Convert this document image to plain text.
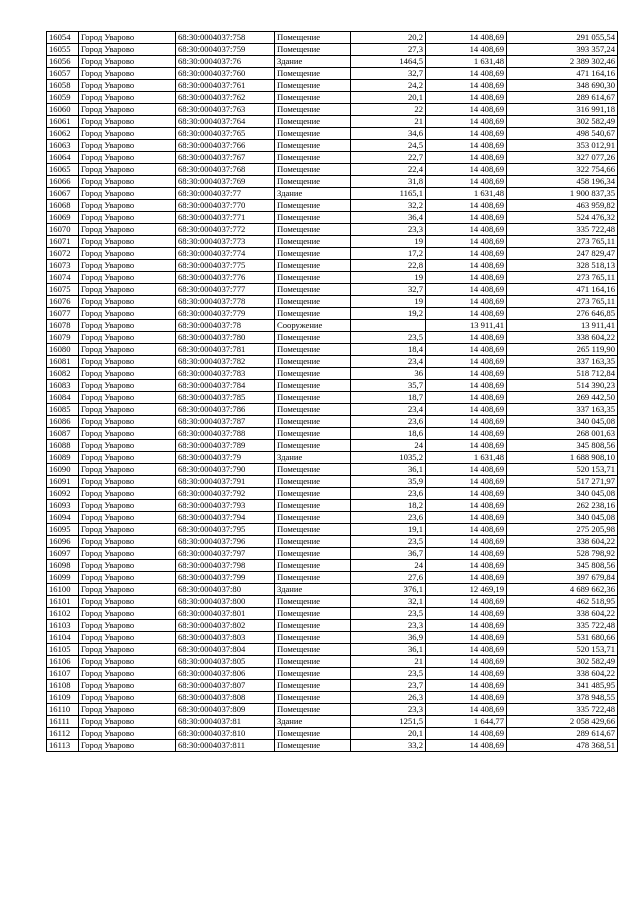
16054	Город Уварово	68:30:0004037:758	Помещение	20,2	14 408,69	291 055,54
16055	Город Уварово	68:30:0004037:759	Помещение	27,3	14 408,69	393 357,24
16056	Город Уварово	68:30:0004037:76	Здание	1464,5	1 631,48	2 389 302,46
16057	Город Уварово	68:30:0004037:760	Помещение	32,7	14 408,69	471 164,16
16058	Город Уварово	68:30:0004037:761	Помещение	24,2	14 408,69	348 690,30
16059	Город Уварово	68:30:0004037:762	Помещение	20,1	14 408,69	289 614,67
16060	Город Уварово	68:30:0004037:763	Помещение	22	14 408,69	316 991,18
16061	Город Уварово	68:30:0004037:764	Помещение	21	14 408,69	302 582,49
16062	Город Уварово	68:30:0004037:765	Помещение	34,6	14 408,69	498 540,67
16063	Город Уварово	68:30:0004037:766	Помещение	24,5	14 408,69	353 012,91
16064	Город Уварово	68:30:0004037:767	Помещение	22,7	14 408,69	327 077,26
16065	Город Уварово	68:30:0004037:768	Помещение	22,4	14 408,69	322 754,66
16066	Город Уварово	68:30:0004037:769	Помещение	31,8	14 408,69	458 196,34
16067	Город Уварово	68:30:0004037:77	Здание	1165,1	1 631,48	1 900 837,35
16068	Город Уварово	68:30:0004037:770	Помещение	32,2	14 408,69	463 959,82
16069	Город Уварово	68:30:0004037:771	Помещение	36,4	14 408,69	524 476,32
16070	Город Уварово	68:30:0004037:772	Помещение	23,3	14 408,69	335 722,48
16071	Город Уварово	68:30:0004037:773	Помещение	19	14 408,69	273 765,11
16072	Город Уварово	68:30:0004037:774	Помещение	17,2	14 408,69	247 829,47
16073	Город Уварово	68:30:0004037:775	Помещение	22,8	14 408,69	328 518,13
16074	Город Уварово	68:30:0004037:776	Помещение	19	14 408,69	273 765,11
16075	Город Уварово	68:30:0004037:777	Помещение	32,7	14 408,69	471 164,16
16076	Город Уварово	68:30:0004037:778	Помещение	19	14 408,69	273 765,11
16077	Город Уварово	68:30:0004037:779	Помещение	19,2	14 408,69	276 646,85
16078	Город Уварово	68:30:0004037:78	Сооружение		13 911,41	13 911,41
16079	Город Уварово	68:30:0004037:780	Помещение	23,5	14 408,69	338 604,22
16080	Город Уварово	68:30:0004037:781	Помещение	18,4	14 408,69	265 119,90
16081	Город Уварово	68:30:0004037:782	Помещение	23,4	14 408,69	337 163,35
16082	Город Уварово	68:30:0004037:783	Помещение	36	14 408,69	518 712,84
16083	Город Уварово	68:30:0004037:784	Помещение	35,7	14 408,69	514 390,23
16084	Город Уварово	68:30:0004037:785	Помещение	18,7	14 408,69	269 442,50
16085	Город Уварово	68:30:0004037:786	Помещение	23,4	14 408,69	337 163,35
16086	Город Уварово	68:30:0004037:787	Помещение	23,6	14 408,69	340 045,08
16087	Город Уварово	68:30:0004037:788	Помещение	18,6	14 408,69	268 001,63
16088	Город Уварово	68:30:0004037:789	Помещение	24	14 408,69	345 808,56
16089	Город Уварово	68:30:0004037:79	Здание	1035,2	1 631,48	1 688 908,10
16090	Город Уварово	68:30:0004037:790	Помещение	36,1	14 408,69	520 153,71
16091	Город Уварово	68:30:0004037:791	Помещение	35,9	14 408,69	517 271,97
16092	Город Уварово	68:30:0004037:792	Помещение	23,6	14 408,69	340 045,08
16093	Город Уварово	68:30:0004037:793	Помещение	18,2	14 408,69	262 238,16
16094	Город Уварово	68:30:0004037:794	Помещение	23,6	14 408,69	340 045,08
16095	Город Уварово	68:30:0004037:795	Помещение	19,1	14 408,69	275 205,98
16096	Город Уварово	68:30:0004037:796	Помещение	23,5	14 408,69	338 604,22
16097	Город Уварово	68:30:0004037:797	Помещение	36,7	14 408,69	528 798,92
16098	Город Уварово	68:30:0004037:798	Помещение	24	14 408,69	345 808,56
16099	Город Уварово	68:30:0004037:799	Помещение	27,6	14 408,69	397 679,84
16100	Город Уварово	68:30:0004037:80	Здание	376,1	12 469,19	4 689 662,36
16101	Город Уварово	68:30:0004037:800	Помещение	32,1	14 408,69	462 518,95
16102	Город Уварово	68:30:0004037:801	Помещение	23,5	14 408,69	338 604,22
16103	Город Уварово	68:30:0004037:802	Помещение	23,3	14 408,69	335 722,48
16104	Город Уварово	68:30:0004037:803	Помещение	36,9	14 408,69	531 680,66
16105	Город Уварово	68:30:0004037:804	Помещение	36,1	14 408,69	520 153,71
16106	Город Уварово	68:30:0004037:805	Помещение	21	14 408,69	302 582,49
16107	Город Уварово	68:30:0004037:806	Помещение	23,5	14 408,69	338 604,22
16108	Город Уварово	68:30:0004037:807	Помещение	23,7	14 408,69	341 485,95
16109	Город Уварово	68:30:0004037:808	Помещение	26,3	14 408,69	378 948,55
16110	Город Уварово	68:30:0004037:809	Помещение	23,3	14 408,69	335 722,48
16111	Город Уварово	68:30:0004037:81	Здание	1251,5	1 644,77	2 058 429,66
16112	Город Уварово	68:30:0004037:810	Помещение	20,1	14 408,69	289 614,67
16113	Город Уварово	68:30:0004037:811	Помещение	33,2	14 408,69	478 368,51
